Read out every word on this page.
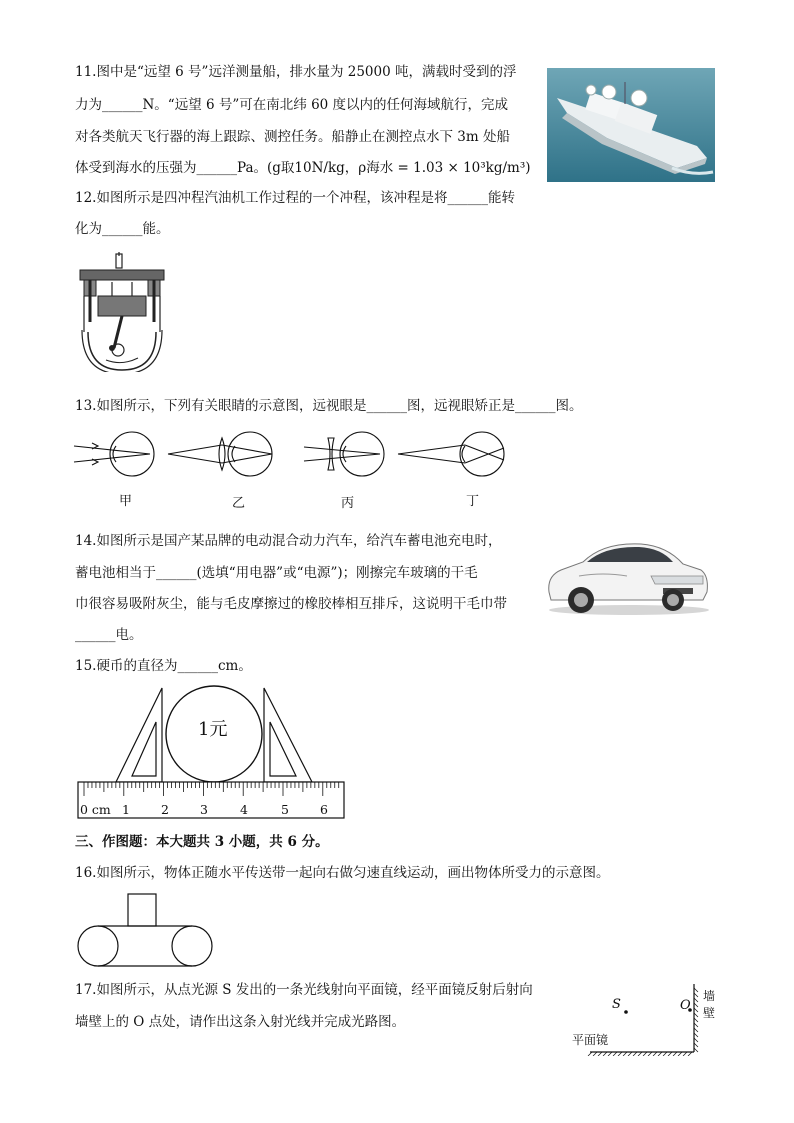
11.图中是“远望 6 号”远洋测量船，排水量为 25000 吨，满载时受到的浮
力为______N。“远望 6 号”可在南北纬 60 度以内的任何海域航行，完成
对各类航天飞行器的海上跟踪、测控任务。船静止在测控点水下 3m 处船
体受到海水的压强为______Pa。(g取10N/kg，ρ海水 = 1.03 × 10³kg/m³)
12.如图所示是四冲程汽油机工作过程的一个冲程，该冲程是将______能转
化为______能。
13.如图所示，下列有关眼睛的示意图，远视眼是______图，远视眼矫正是______图。
甲	乙	丙	丁
14.如图所示是国产某品牌的电动混合动力汽车，给汽车蓄电池充电时，
蓄电池相当于______(选填“用电器”或“电源”)；刚擦完车玻璃的干毛
巾很容易吸附灰尘，能与毛皮摩擦过的橡胶棒相互排斥，这说明干毛巾带
______电。
15.硬币的直径为______cm。
1元
0 cm 1 2 3	4	5 6
三、作图题：本大题共 3 小题，共 6 分。
16.如图所示，物体正随水平传送带一起向右做匀速直线运动，画出物体所受力的示意图。
17.如图所示，从点光源 S 发出的一条光线射向平面镜，经平面镜反射后射向
墙壁上的 O 点处，请作出这条入射光线并完成光路图。
S	O
墙
壁
平面镜
